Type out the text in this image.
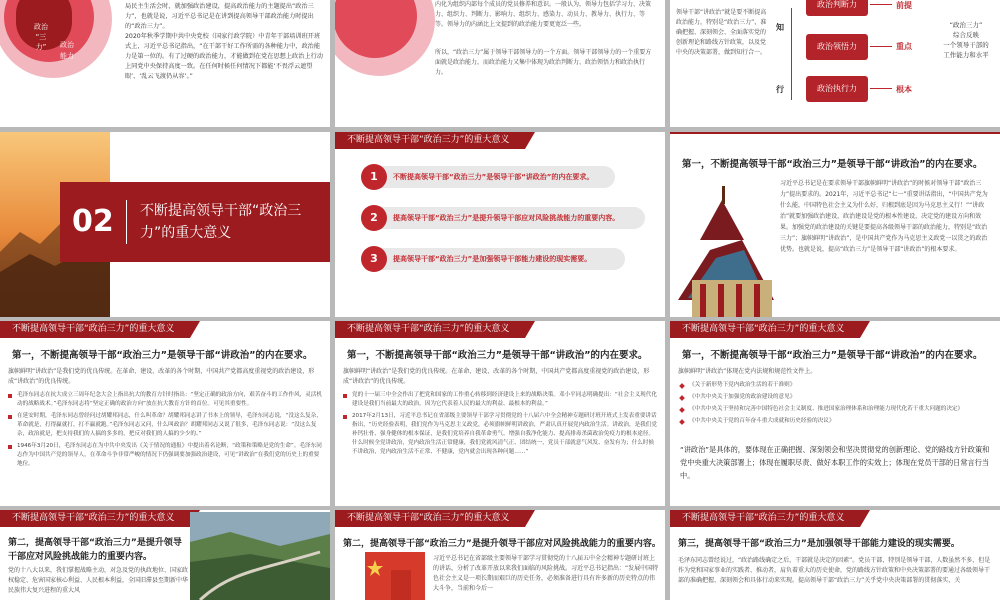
政治
“三
力”	政治
能力
领导力
局民主生活会时，就加强政治建设，提高政治能力的主题提出“政治三力”，也就是说，习近平总书记是在讲到提高领导干部政治能力时提出的“政治三力”。
2020年秋季学期中共中央党校（国家行政学院）中青年干部培训班开班式上，习近平总书记指出，“在干部干好工作所需的各种能力中，政治能力是第一位的。有了过硬的政治能力，才能做到在党在思想上政治上行动上同党中央保持高度一致。在任何时候任何情况下都能‘不畏浮云遮望眼’、‘乱云飞渡仍从容’。”
内化为组织内部每个成员的党员修养和意识。一般认为，领导力包括学习力、决策力、组织力、判断力、影响力、组织力、感染力、动员力、教导力、执行力、等等。领导力的内涵比上文提到的政治能力要更宽泛一些。
所以，“政治三力”属于领导干部领导力的一个方面。领导干部领导力的一个重要方面就是政治能力，而政治能力又集中体现为政治判断力、政治领悟力和政治执行力。
领导干部“讲政治”就是要不断提高政治能力，特别是“政治三力”，准确把握、深刻领会、全面落实党的创新理论和路线方针政策，以及党中央的决策部署，做到知行合一。
知
行
政治判断力
政治领悟力
政治执行力
前提
重点
根本
“政治三力”
综合反映
一个领导干部的
工作能力和水平
02 不断提高领导干部“政治三力”的重大意义
不断提高领导干部“政治三力”的重大意义
1	不断提高领导干部“政治三力”是领导干部“讲政治”的内在要求。
2	提高领导干部“政治三力”是提升领导干部应对风险挑战能力的重要内容。
3	提高领导干部“政治三力”是加强领导干部能力建设的现实需要。
第一，不断提高领导干部“政治三力”是领导干部“讲政治”的内在要求。
习近平总书记是在要求领导干部旗帜鲜明“讲政治”的时候对领导干部“政治三力”提出要求的。2021年，习近平总书记“七一”重要讲话指出，“中国共产党为什么能，中国特色社会主义为什么好，归根到底是因为马克思主义行！”“讲政治”就要加强政治建设，政治建设是党的根本性建设，决定党的建设方向和效果。加强党的政治建设的关键是要提高各级领导干部的政治能力，特别是“政治三力”；旗帜鲜明“讲政治”，是中国共产党作为马克思主义政党一以贯之的政治优势。也就是说，提高“政治三力”是领导干部“讲政治”的根本要求。
不断提高领导干部“政治三力”的重大意义
第一，不断提高领导干部“政治三力”是领导干部“讲政治”的内在要求。
旗帜鲜明“讲政治”是我们党的优良传统。在革命、建设、改革的各个时期，中国共产党都高度重视党的政治建设，形成“讲政治”的优良传统。
毛泽东同志在抗大成立三周年纪念大会上指出抗大的教育方针时指出：“坚定正确的政治方向，艰苦奋斗的工作作风，灵活机动的战略战术。”毛泽东同志将“坚定正确的政治方向”放在抗大教育方针的首位。可见其重要性。
在延安时期，毛泽东同志曾经问过胡耀邦同志，什么叫革命？胡耀邦同志讲了书本上的领导，毛泽东同志说，“没这么复杂，革命就是，打得赢就打，打不赢就跑。”毛泽东同志又问，什么叫政治？胡耀邦同志又说了很多，毛泽东同志说：“没这么复杂，政治就是，把支持我们的人搞的多多的，把反对我们的人搞的少少的。”
1946年3月20日，毛泽东同志在为中共中央发出《关于情况的通报》中提出着名论断，“政策和策略是党的生命”。毛泽东同志作为中国共产党的领导人，在革命斗争非常严峻的情况下仍强调要加强政治建设，可见“讲政治”在我们党的历史上的重要地位。
不断提高领导干部“政治三力”的重大意义
第一，不断提高领导干部“政治三力”是领导干部“讲政治”的内在要求。
旗帜鲜明“讲政治”是我们党的优良传统。在革命、建设、改革的各个时期，中国共产党都高度重视党的政治建设，形成“讲政治”的优良传统。
党的十一届三中全会作出了把党和国家的工作重心转移到经济建设上来的战略决策。邓小平同志明确提出：“社会主义现代化建设是我们当前最大的政治，因为它代表着人民的最大的利益、最根本的利益。”
2017年2月13日，习近平总书记在省部级主要领导干部学习贯彻党的十八届六中全会精神专题研讨班开班式上发表重要讲话指出，“历史经验表明，我们党作为马克思主义政党，必须旗帜鲜明讲政治，严肃认真开展党内政治生活。讲政治，是我们党补钙壮骨、强身健体的根本保证，是我们党培养自我革命勇气、增强自我净化能力、提高排毒杀菌政治免疫力的根本途径。什么时候全党讲政治，党内政治生活正常健康，我们党就风清气正、团结统一，党员干部就意气风发、奋发有为；什么时候不讲政治，党内政治生活不正常、不健康，党内就会出现各种问题……”
不断提高领导干部“政治三力”的重大意义
第一，不断提高领导干部“政治三力”是领导干部“讲政治”的内在要求。
旗帜鲜明“讲政治”体现在党内法规和规范性文件上。
《关于新形势下党内政治生活的若干准则》
《中共中央关于加强党的政治建设的意见》
《中共中央关于坚持和完善中国特色社会主义制度、推进国家治理体系和治理能力现代化若干重大问题的决定》
《中共中央关于党的百年奋斗重大成就和历史经验的决议》
“讲政治”是具体的，要体现在正确把握、深刻领会和坚决贯彻党的创新理论、党的路线方针政策和党中央重大决策部署上；体现在履职尽责、做好本职工作的实效上；体现在党员干部的日常言行当中。
不断提高领导干部“政治三力”的重大意义
第二，提高领导干部“政治三力”是提升领导干部应对风险挑战能力的重要内容。
党的十八大以来，我们掌握战略主动，对急及党的执政地位、国家政权稳定、危害国家核心利益、人民根本利益，全国旧滞县至期新中华民族伟大复兴进程的重大风
不断提高领导干部“政治三力”的重大意义
第二，提高领导干部“政治三力”是提升领导干部应对风险挑战能力的重要内容。
习近平总书记在省部级主要领导干部学习贯彻党的十八届五中全会精神专题研讨班上的讲话，分析了改革开放以来我们面临的风险挑战。习近平总书记指出：“发展中国特色社会主义是一项长期而艰巨的历史任务，必须准备进行具有许多新的历史特点的伟大斗争，当前和今后一
不断提高领导干部“政治三力”的重大意义
第三，提高领导干部“政治三力”是加强领导干部能力建设的现实需要。
毛泽东同志曾经说过，“政治路线确定之后，干部就是决定的因素”。党员干部，特别是领导干部，人数虽然不多，但是作为党和国家事业的实践者、推动者，肩负着重大的历史使命，党的路线方针政策和中央决策部署的要通过各级领导干部的准确把握、深刻领会和具体行动来实现。提高领导干部“政治三力”关乎党中央决策部署的贯彻落实，关
